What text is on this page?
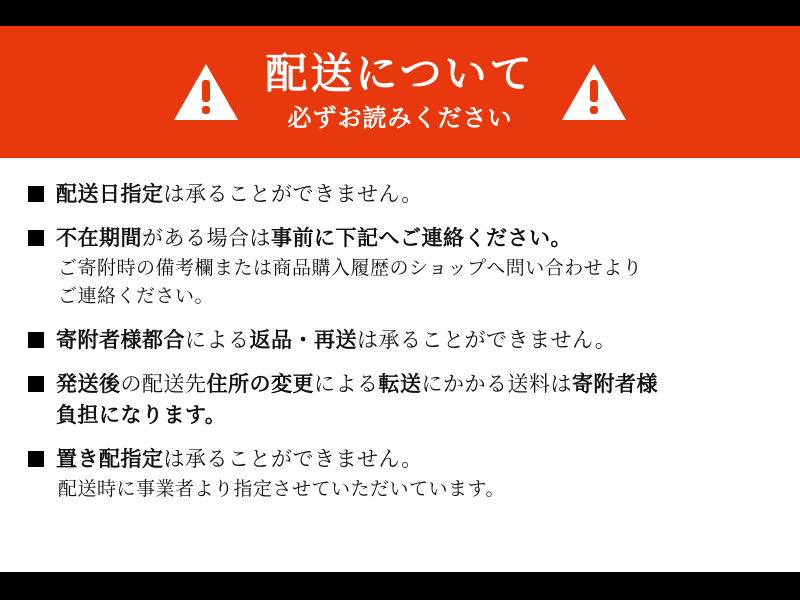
配送について
必ずお読みください
配送日指定は承ることができません。
不在期間がある場合は事前に下記へご連絡ください。
ご寄附時の備考欄または商品購入履歴のショップへ問い合わせより
ご連絡ください。
寄附者様都合による返品・再送は承ることができません。
発送後の配送先住所の変更による転送にかかる送料は寄附者様
負担になります。
置き配指定は承ることができません。
配送時に事業者より指定させていただいています。
